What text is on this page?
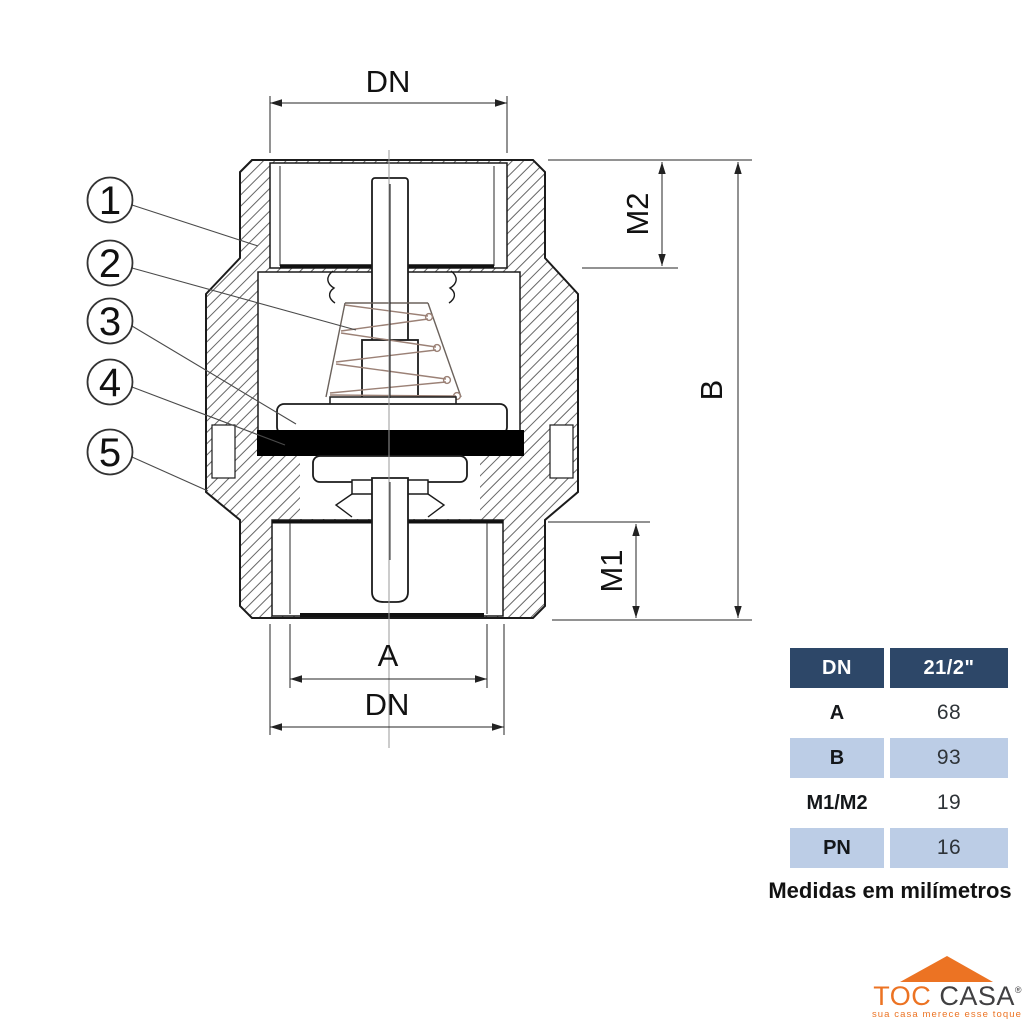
DN
M2
B
M1
A
DN
1
2
3
4
5
DN	21/2"
A	68
B	93
M1/M2	19
PN	16
Medidas em milímetros
TOC CASA®
sua casa merece esse toque
